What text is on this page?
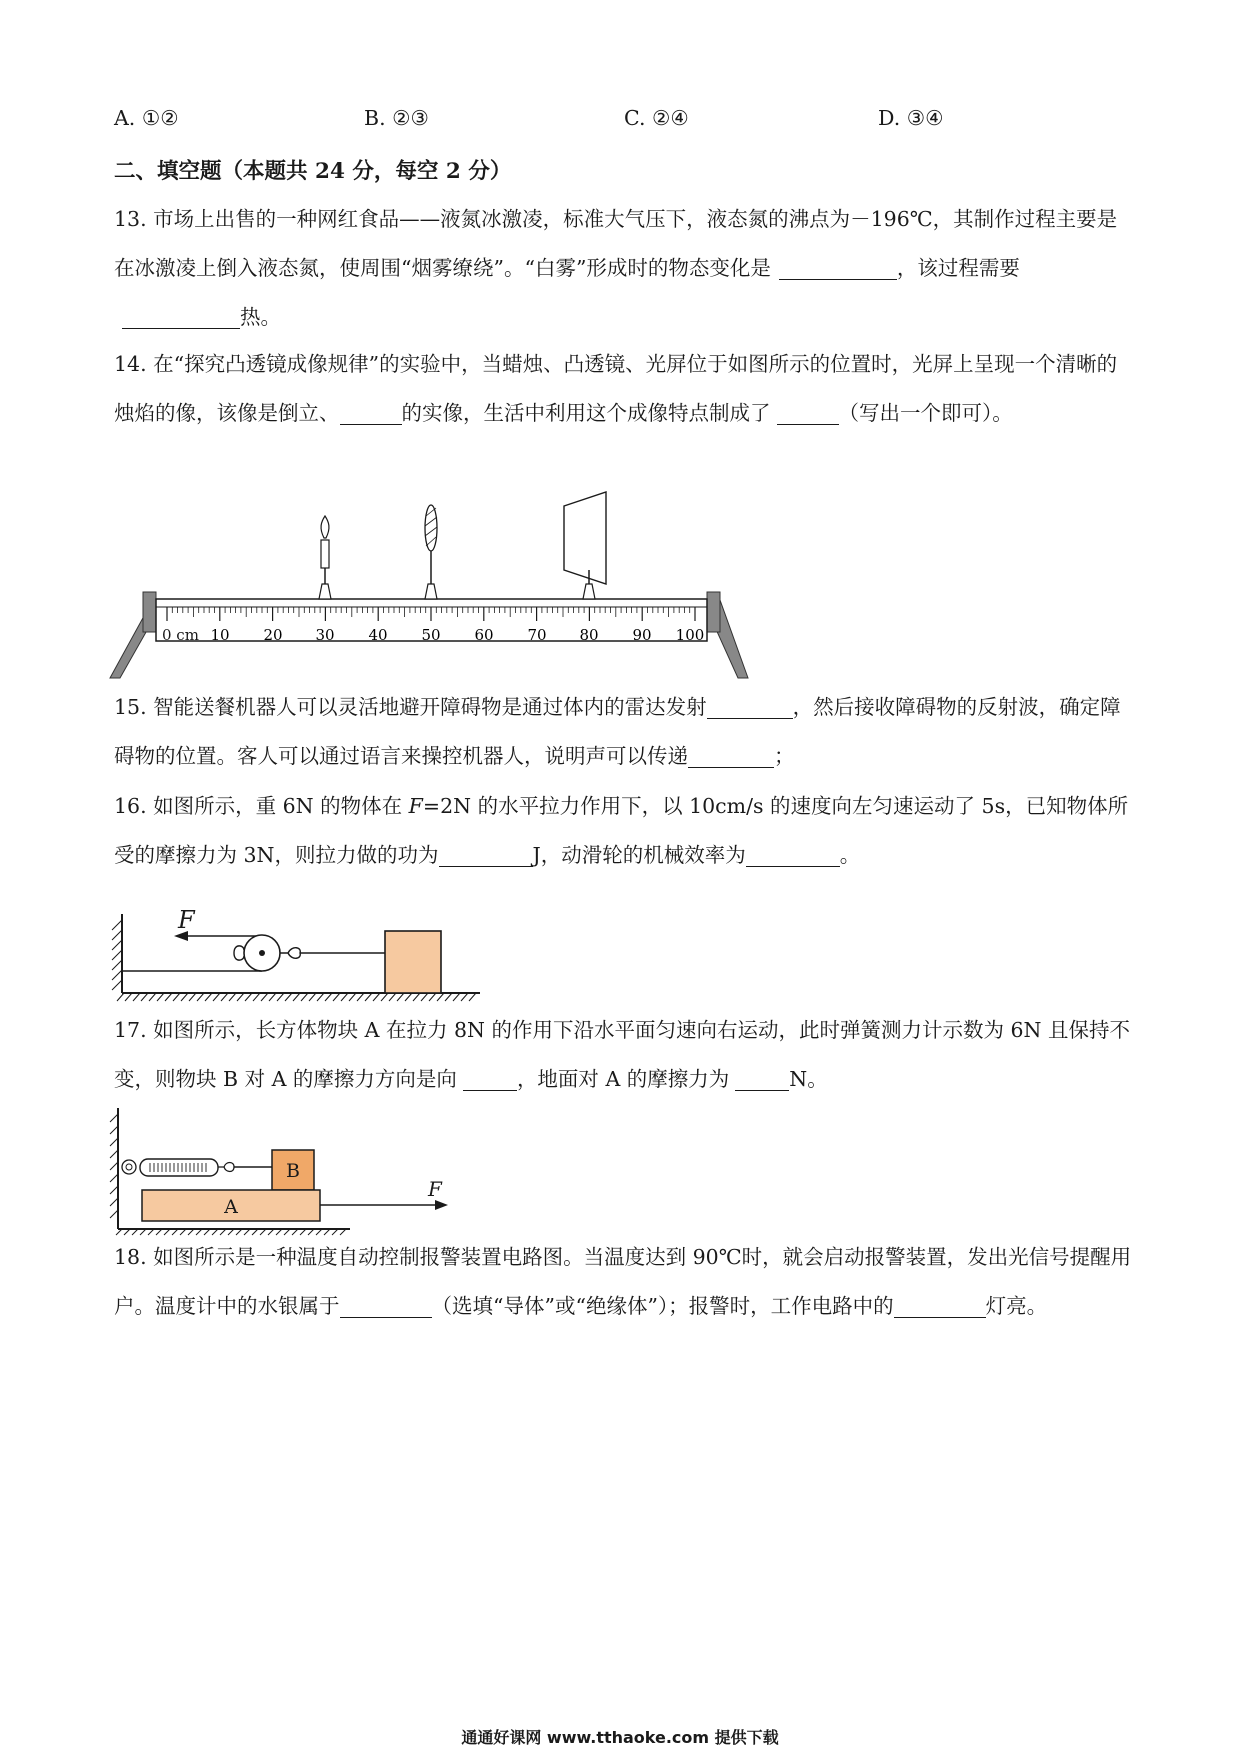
A. ①②	B. ②③	C. ②④	D. ③④
二、填空题（本题共 24 分，每空 2 分）

13. 市场上出售的一种网红食品——液氮冰激凌，标准大气压下，液态氮的沸点为－196℃，其制作过程主要是在冰激凌上倒入液态氮，使周围“烟雾缭绕”。“白雾”形成时的物态变化是	，该过程需要热。

14. 在“探究凸透镜成像规律”的实验中，当蜡烛、凸透镜、光屏位于如图所示的位置时，光屏上呈现一个清晰的烛焰的像，该像是倒立、	的实像，生活中利用这个成像特点制成了	（写出一个即可）。

0 cm 10 20 30 40 50 60 70 80 90 100

15. 智能送餐机器人可以灵活地避开障碍物是通过体内的雷达发射	，然后接收障碍物的反射波，确定障碍物的位置。客人可以通过语言来操控机器人，说明声可以传递	；

16. 如图所示，重 6N 的物体在 F=2N 的水平拉力作用下，以 10cm/s 的速度向左匀速运动了 5s，已知物体所受的摩擦力为 3N，则拉力做的功为	J，动滑轮的机械效率为	。

F

17. 如图所示，长方体物块 A 在拉力 8N 的作用下沿水平面匀速向右运动，此时弹簧测力计示数为 6N 且保持不变，则物块 B 对 A 的摩擦力方向是向	，地面对 A 的摩擦力为	N。

B
A
F

18. 如图所示是一种温度自动控制报警装置电路图。当温度达到 90℃时，就会启动报警装置，发出光信号提醒用户。温度计中的水银属于	（选填“导体”或“绝缘体”）；报警时，工作电路中的	灯亮。

通通好课网 www.tthaoke.com 提供下载
